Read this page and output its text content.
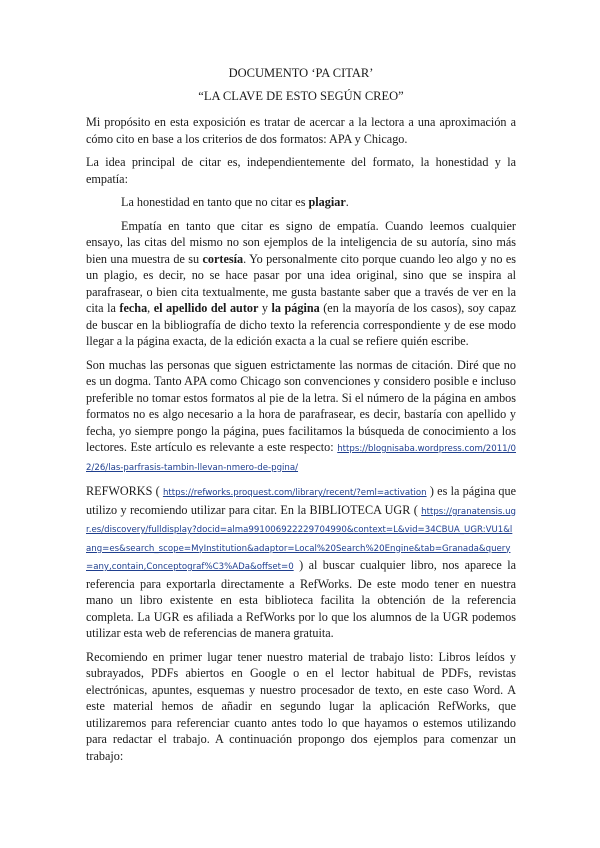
DOCUMENTO ‘PA CITAR’
“LA CLAVE DE ESTO SEGÚN CREO”

Mi propósito en esta exposición es tratar de acercar a la lectora a una aproximación a cómo cito en base a los criterios de dos formatos: APA y Chicago.

La idea principal de citar es, independientemente del formato, la honestidad y la empatía:

La honestidad en tanto que no citar es plagiar.

Empatía en tanto que citar es signo de empatía. Cuando leemos cualquier ensayo, las citas del mismo no son ejemplos de la inteligencia de su autoría, sino más bien una muestra de su cortesía. Yo personalmente cito porque cuando leo algo y no es un plagio, es decir, no se hace pasar por una idea original, sino que se inspira al parafrasear, o bien cita textualmente, me gusta bastante saber que a través de ver en la cita la fecha, el apellido del autor y la página (en la mayoría de los casos), soy capaz de buscar en la bibliografía de dicho texto la referencia correspondiente y de ese modo llegar a la página exacta, de la edición exacta a la cual se refiere quién escribe.

Son muchas las personas que siguen estrictamente las normas de citación. Diré que no es un dogma. Tanto APA como Chicago son convenciones y considero posible e incluso preferible no tomar estos formatos al pie de la letra. Si el número de la página en ambos formatos no es algo necesario a la hora de parafrasear, es decir, bastaría con apellido y fecha, yo siempre pongo la página, pues facilitamos la búsqueda de conocimiento a los lectores. Este artículo es relevante a este respecto: https://blognisaba.wordpress.com/2011/02/26/las-parfrasis-tambin-llevan-nmero-de-pgina/

REFWORKS ( https://refworks.proquest.com/library/recent/?eml=activation ) es la página que utilizo y recomiendo utilizar para citar. En la BIBLIOTECA UGR ( https://granatensis.ugr.es/discovery/fulldisplay?docid=alma991006922229704990&context=L&vid=34CBUA_UGR:VU1&lang=es&search_scope=MyInstitution&adaptor=Local%20Search%20Engine&tab=Granada&query=any,contain,Conceptograf%C3%ADa&offset=0 ) al buscar cualquier libro, nos aparece la referencia para exportarla directamente a RefWorks. De este modo tener en nuestra mano un libro existente en esta biblioteca facilita la obtención de la referencia completa. La UGR es afiliada a RefWorks por lo que los alumnos de la UGR podemos utilizar esta web de referencias de manera gratuita.

Recomiendo en primer lugar tener nuestro material de trabajo listo: Libros leídos y subrayados, PDFs abiertos en Google o en el lector habitual de PDFs, revistas electrónicas, apuntes, esquemas y nuestro procesador de texto, en este caso Word. A este material hemos de añadir en segundo lugar la aplicación RefWorks, que utilizaremos para referenciar cuanto antes todo lo que hayamos o estemos utilizando para redactar el trabajo. A continuación propongo dos ejemplos para comenzar un trabajo:
